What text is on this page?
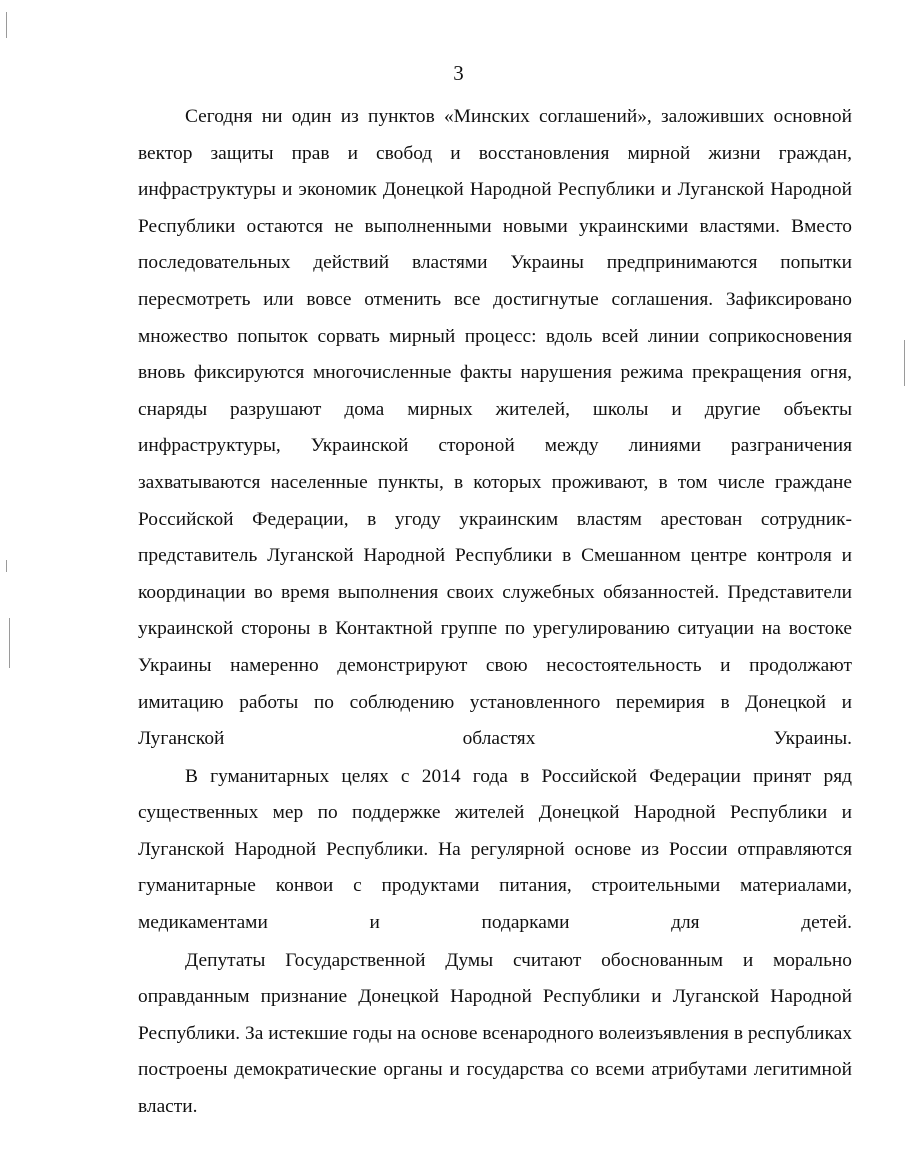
3

Сегодня ни один из пунктов «Минских соглашений», заложивших основной вектор защиты прав и свобод и восстановления мирной жизни граждан, инфраструктуры и экономик Донецкой Народной Республики и Луганской Народной Республики остаются не выполненными новыми украинскими властями. Вместо последовательных действий властями Украины предпринимаются попытки пересмотреть или вовсе отменить все достигнутые соглашения. Зафиксировано множество попыток сорвать мирный процесс: вдоль всей линии соприкосновения вновь фиксируются многочисленные факты нарушения режима прекращения огня, снаряды разрушают дома мирных жителей, школы и другие объекты инфраструктуры, Украинской стороной между линиями разграничения захватываются населенные пункты, в которых проживают, в том числе граждане Российской Федерации, в угоду украинским властям арестован сотрудник-представитель Луганской Народной Республики в Смешанном центре контроля и координации во время выполнения своих служебных обязанностей. Представители украинской стороны в Контактной группе по урегулированию ситуации на востоке Украины намеренно демонстрируют свою несостоятельность и продолжают имитацию работы по соблюдению установленного перемирия в Донецкой и Луганской областях Украины.

В гуманитарных целях с 2014 года в Российской Федерации принят ряд существенных мер по поддержке жителей Донецкой Народной Республики и Луганской Народной Республики. На регулярной основе из России отправляются гуманитарные конвои с продуктами питания, строительными материалами, медикаментами и подарками для детей.

Депутаты Государственной Думы считают обоснованным и морально оправданным признание Донецкой Народной Республики и Луганской Народной Республики. За истекшие годы на основе всенародного волеизъявления в республиках построены демократические органы и государства со всеми атрибутами легитимной власти.
